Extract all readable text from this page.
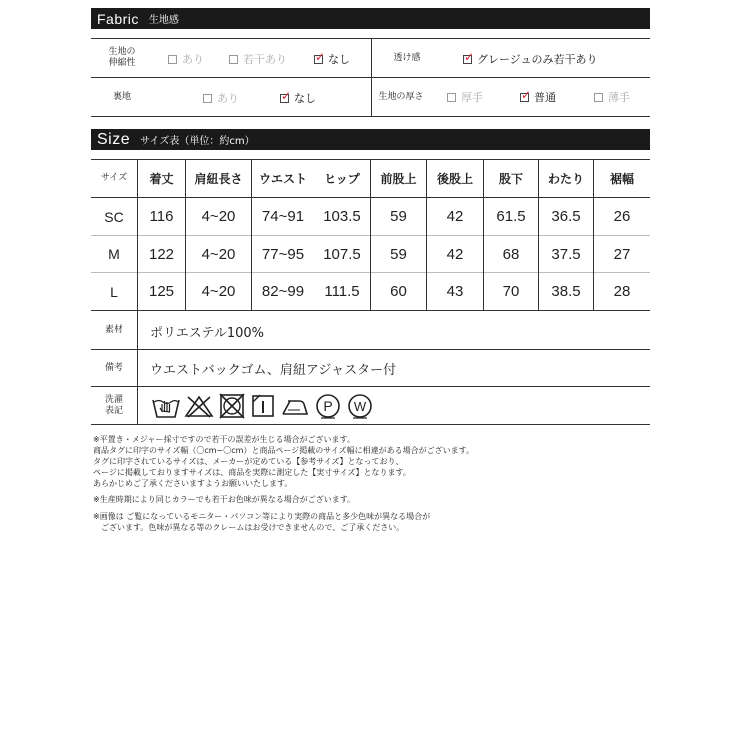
Fabric 生地感
生地の
伸縮性	あり	若干あり ✓	なし	透け感 ✓	グレージュのみ若干あり
裏地	あり ✓	なし	生地の厚さ	厚手 ✓	普通	薄手
Size サイズ表（単位：約cm）
サイズ	着丈	肩紐長さ	ウエスト	ヒップ	前股上	後股上	股下	わたり	裾幅
SC	116	4~20	74~91	103.5	59	42	61.5	36.5	26
M	122	4~20	77~95	107.5	59	42	68	37.5	27
L	125	4~20	82~99	111.5	60	43	70	38.5	28
素材	ポリエステル100%
備考	ウエストバックゴム、肩紐アジャスター付
洗濯
表記	P W
※平置き・メジャー採寸ですので若干の誤差が生じる場合がございます。
商品タグに印字のサイズ幅（〇cm~〇cm）と商品ページ掲載のサイズ幅に相違がある場合がございます。
タグに印字されているサイズは、メーカーが定めている【参考サイズ】となっており、
ページに掲載しておりますサイズは、商品を実際に測定した【実寸サイズ】となります。
あらかじめご了承くださいますようお願いいたします。
※生産時期により同じカラーでも若干お色味が異なる場合がございます。
※画像は ご覧になっているモニター・パソコン等により実際の商品と多少色味が異なる場合が
　ございます。色味が異なる等のクレームはお受けできませんので、ご了承ください。
